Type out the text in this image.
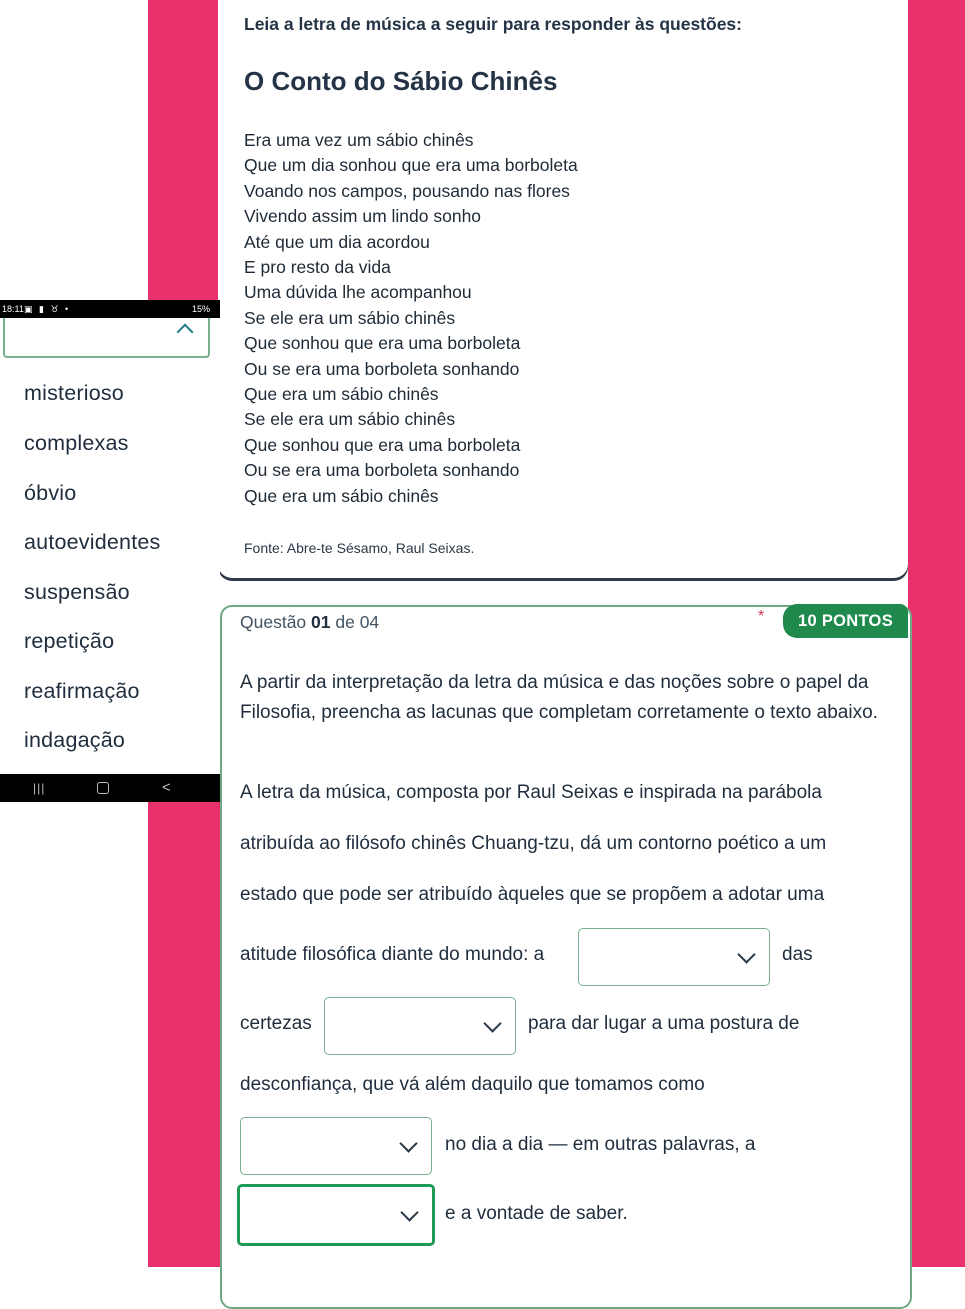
Leia a letra de música a seguir para responder às questões:
O Conto do Sábio Chinês
Era uma vez um sábio chinês
Que um dia sonhou que era uma borboleta
Voando nos campos, pousando nas flores
Vivendo assim um lindo sonho
Até que um dia acordou
E pro resto da vida
Uma dúvida lhe acompanhou
Se ele era um sábio chinês
Que sonhou que era uma borboleta
Ou se era uma borboleta sonhando
Que era um sábio chinês
Se ele era um sábio chinês
Que sonhou que era uma borboleta
Ou se era uma borboleta sonhando
Que era um sábio chinês
Fonte: Abre-te Sésamo, Raul Seixas.
Questão 01 de 04	*	10 PONTOS
A partir da interpretação da letra da música e das noções sobre o papel da Filosofia, preencha as lacunas que completam corretamente o texto abaixo.
A letra da música, composta por Raul Seixas e inspirada na parábola
atribuída ao filósofo chinês Chuang-tzu, dá um contorno poético a um
estado que pode ser atribuído àqueles que se propõem a adotar uma
atitude filosófica diante do mundo: a	das
certezas	para dar lugar a uma postura de
desconfiança, que vá além daquilo que tomamos como
no dia a dia — em outras palavras, a
e a vontade de saber.
18:11 ▣ ▮ ♉ •	15%
misterioso
complexas
óbvio
autoevidentes
suspensão
repetição
reafirmação
indagação
|||	<
